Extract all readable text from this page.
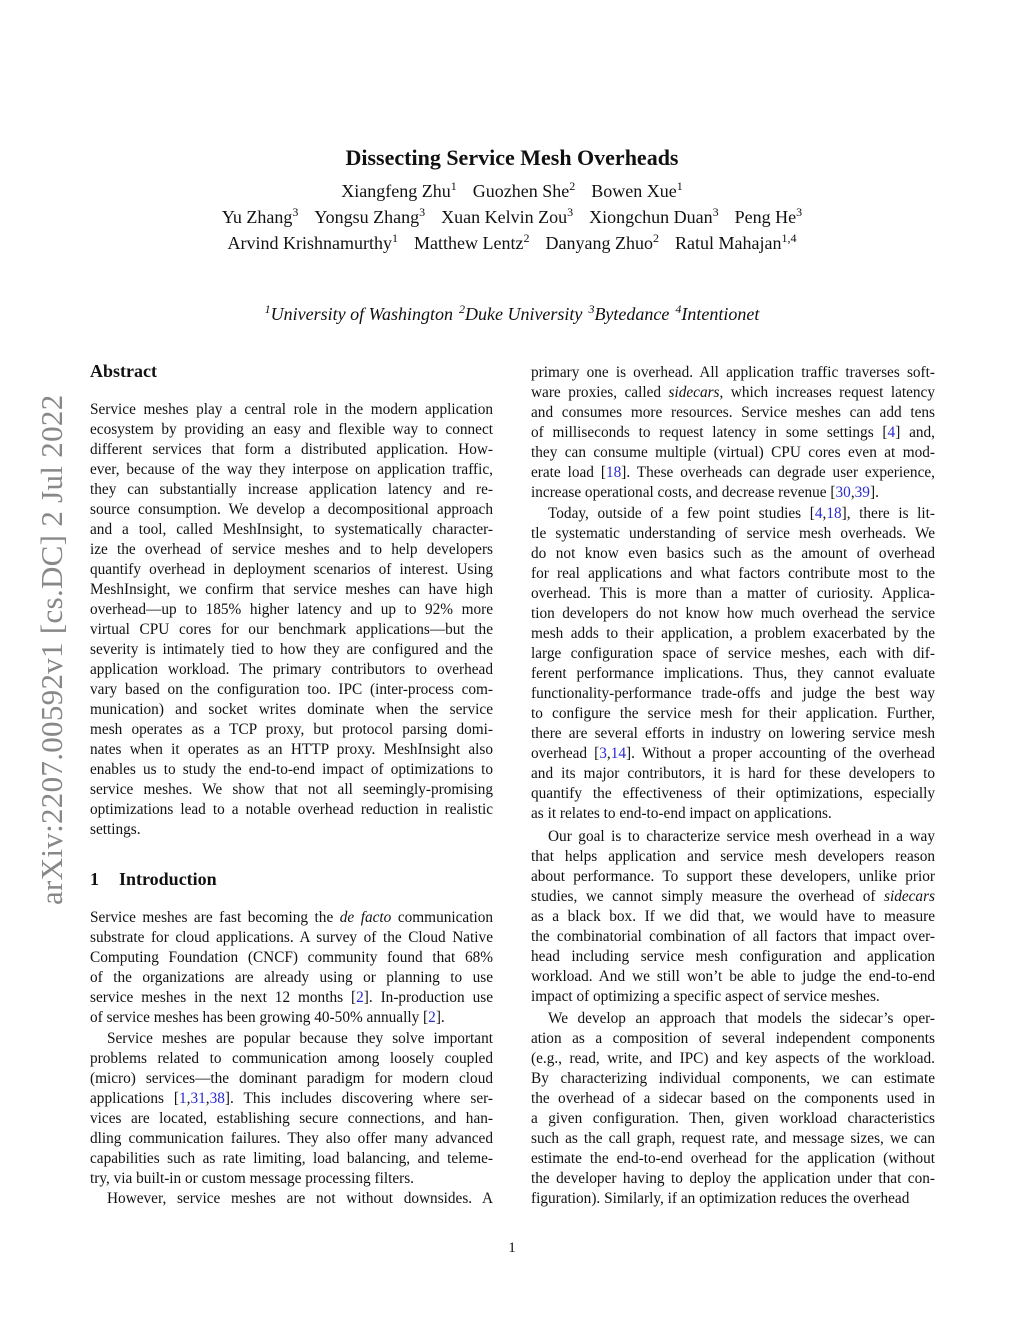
arXiv:2207.00592v1 [cs.DC] 2 Jul 2022
Dissecting Service Mesh Overheads
Xiangfeng Zhu$^1$ Guozhen She$^2$ Bowen Xue$^1$
Yu Zhang$^3$ Yongsu Zhang$^3$ Xuan Kelvin Zou$^3$ Xiongchun Duan$^3$ Peng He$^3$
Arvind Krishnamurthy$^1$ Matthew Lentz$^2$ Danyang Zhuo$^2$ Ratul Mahajan$^{1,4}$
$^1$University of Washington $^2$Duke University $^3$Bytedance $^4$Intentionet
Abstract
Service meshes play a central role in the modern application
ecosystem by providing an easy and flexible way to connect
different services that form a distributed application. How-
ever, because of the way they interpose on application traffic,
they can substantially increase application latency and re-
source consumption. We develop a decompositional approach
and a tool, called MeshInsight, to systematically character-
ize the overhead of service meshes and to help developers
quantify overhead in deployment scenarios of interest. Using
MeshInsight, we confirm that service meshes can have high
overhead—up to 185% higher latency and up to 92% more
virtual CPU cores for our benchmark applications—but the
severity is intimately tied to how they are configured and the
application workload. The primary contributors to overhead
vary based on the configuration too. IPC (inter-process com-
munication) and socket writes dominate when the service
mesh operates as a TCP proxy, but protocol parsing domi-
nates when it operates as an HTTP proxy. MeshInsight also
enables us to study the end-to-end impact of optimizations to
service meshes. We show that not all seemingly-promising
optimizations lead to a notable overhead reduction in realistic
settings.
1 Introduction
Service meshes are fast becoming the de facto communication
substrate for cloud applications. A survey of the Cloud Native
Computing Foundation (CNCF) community found that 68%
of the organizations are already using or planning to use
service meshes in the next 12 months [2]. In-production use
of service meshes has been growing 40-50% annually [2].
Service meshes are popular because they solve important
problems related to communication among loosely coupled
(micro) services—the dominant paradigm for modern cloud
applications [1,31,38]. This includes discovering where ser-
vices are located, establishing secure connections, and han-
dling communication failures. They also offer many advanced
capabilities such as rate limiting, load balancing, and teleme-
try, via built-in or custom message processing filters.
However, service meshes are not without downsides. A
primary one is overhead. All application traffic traverses soft-
ware proxies, called sidecars, which increases request latency
and consumes more resources. Service meshes can add tens
of milliseconds to request latency in some settings [4] and,
they can consume multiple (virtual) CPU cores even at mod-
erate load [18]. These overheads can degrade user experience,
increase operational costs, and decrease revenue [30,39].
Today, outside of a few point studies [4,18], there is lit-
tle systematic understanding of service mesh overheads. We
do not know even basics such as the amount of overhead
for real applications and what factors contribute most to the
overhead. This is more than a matter of curiosity. Applica-
tion developers do not know how much overhead the service
mesh adds to their application, a problem exacerbated by the
large configuration space of service meshes, each with dif-
ferent performance implications. Thus, they cannot evaluate
functionality-performance trade-offs and judge the best way
to configure the service mesh for their application. Further,
there are several efforts in industry on lowering service mesh
overhead [3,14]. Without a proper accounting of the overhead
and its major contributors, it is hard for these developers to
quantify the effectiveness of their optimizations, especially
as it relates to end-to-end impact on applications.
Our goal is to characterize service mesh overhead in a way
that helps application and service mesh developers reason
about performance. To support these developers, unlike prior
studies, we cannot simply measure the overhead of sidecars
as a black box. If we did that, we would have to measure
the combinatorial combination of all factors that impact over-
head including service mesh configuration and application
workload. And we still won’t be able to judge the end-to-end
impact of optimizing a specific aspect of service meshes.
We develop an approach that models the sidecar’s oper-
ation as a composition of several independent components
(e.g., read, write, and IPC) and key aspects of the workload.
By characterizing individual components, we can estimate
the overhead of a sidecar based on the components used in
a given configuration. Then, given workload characteristics
such as the call graph, request rate, and message sizes, we can
estimate the end-to-end overhead for the application (without
the developer having to deploy the application under that con-
figuration). Similarly, if an optimization reduces the overhead
1
